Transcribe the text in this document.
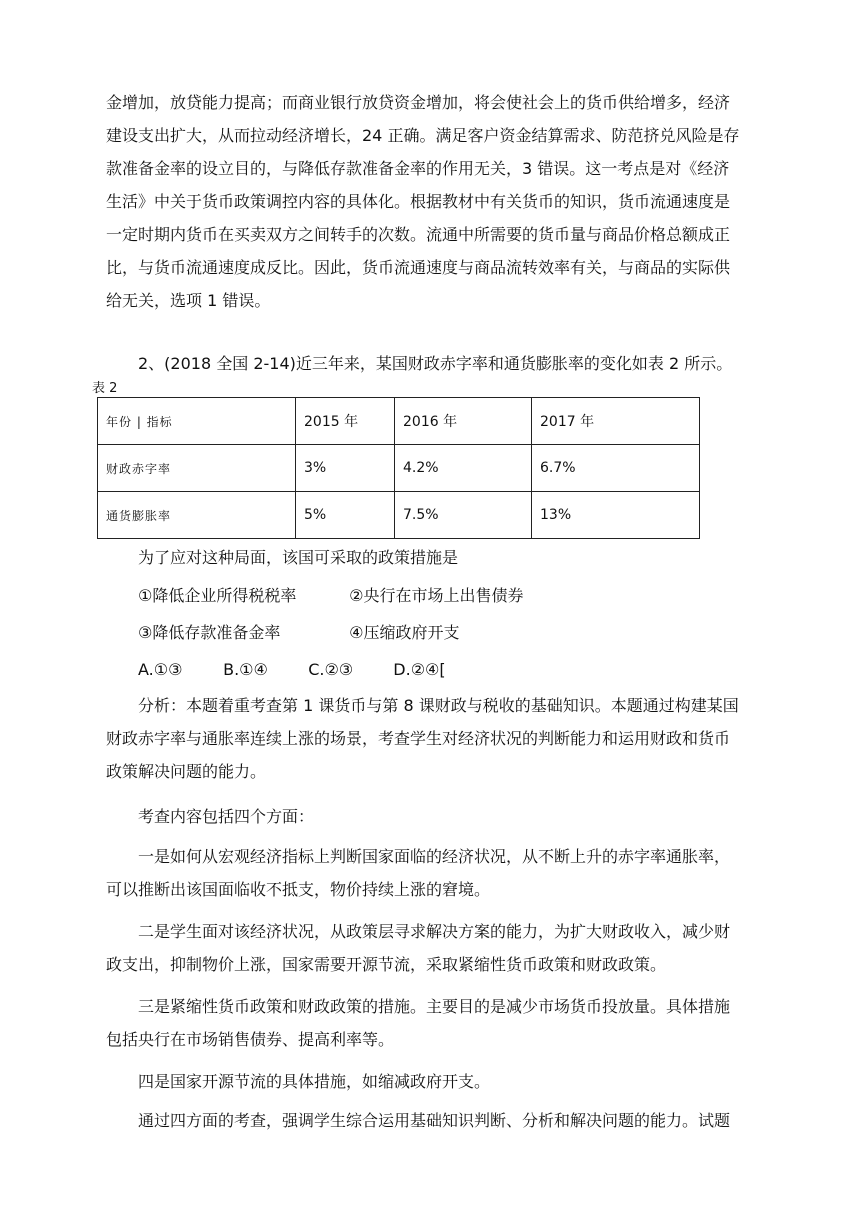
金增加，放贷能力提高；而商业银行放贷资金增加，将会使社会上的货币供给增多，经济
建设支出扩大，从而拉动经济增长，24 正确。满足客户资金结算需求、防范挤兑风险是存
款准备金率的设立目的，与降低存款准备金率的作用无关，3 错误。这一考点是对《经济
生活》中关于货币政策调控内容的具体化。根据教材中有关货币的知识，货币流通速度是
一定时期内货币在买卖双方之间转手的次数。流通中所需要的货币量与商品价格总额成正
比，与货币流通速度成反比。因此，货币流通速度与商品流转效率有关，与商品的实际供
给无关，选项 1 错误。
2、(2018 全国 2-14)近三年来，某国财政赤字率和通货膨胀率的变化如表 2 所示。
表 2
年份 | 指标	2015 年	2016 年	2017 年
财政赤字率	3%	4.2%	6.7%
通货膨胀率	5%	7.5%	13%
为了应对这种局面，该国可采取的政策措施是
①降低企业所得税税率	②央行在市场上出售债券
③降低存款准备金率	④压缩政府开支
A.①③	B.①④	C.②③	D.②④[
分析：本题着重考查第 1 课货币与第 8 课财政与税收的基础知识。本题通过构建某国
财政赤字率与通胀率连续上涨的场景，考查学生对经济状况的判断能力和运用财政和货币
政策解决问题的能力。
考查内容包括四个方面：
一是如何从宏观经济指标上判断国家面临的经济状况，从不断上升的赤字率通胀率，
可以推断出该国面临收不抵支，物价持续上涨的窘境。
二是学生面对该经济状况，从政策层寻求解决方案的能力，为扩大财政收入，减少财
政支出，抑制物价上涨，国家需要开源节流，采取紧缩性货币政策和财政政策。
三是紧缩性货币政策和财政政策的措施。主要目的是减少市场货币投放量。具体措施
包括央行在市场销售债券、提高利率等。
四是国家开源节流的具体措施，如缩减政府开支。
通过四方面的考查，强调学生综合运用基础知识判断、分析和解决问题的能力。试题
